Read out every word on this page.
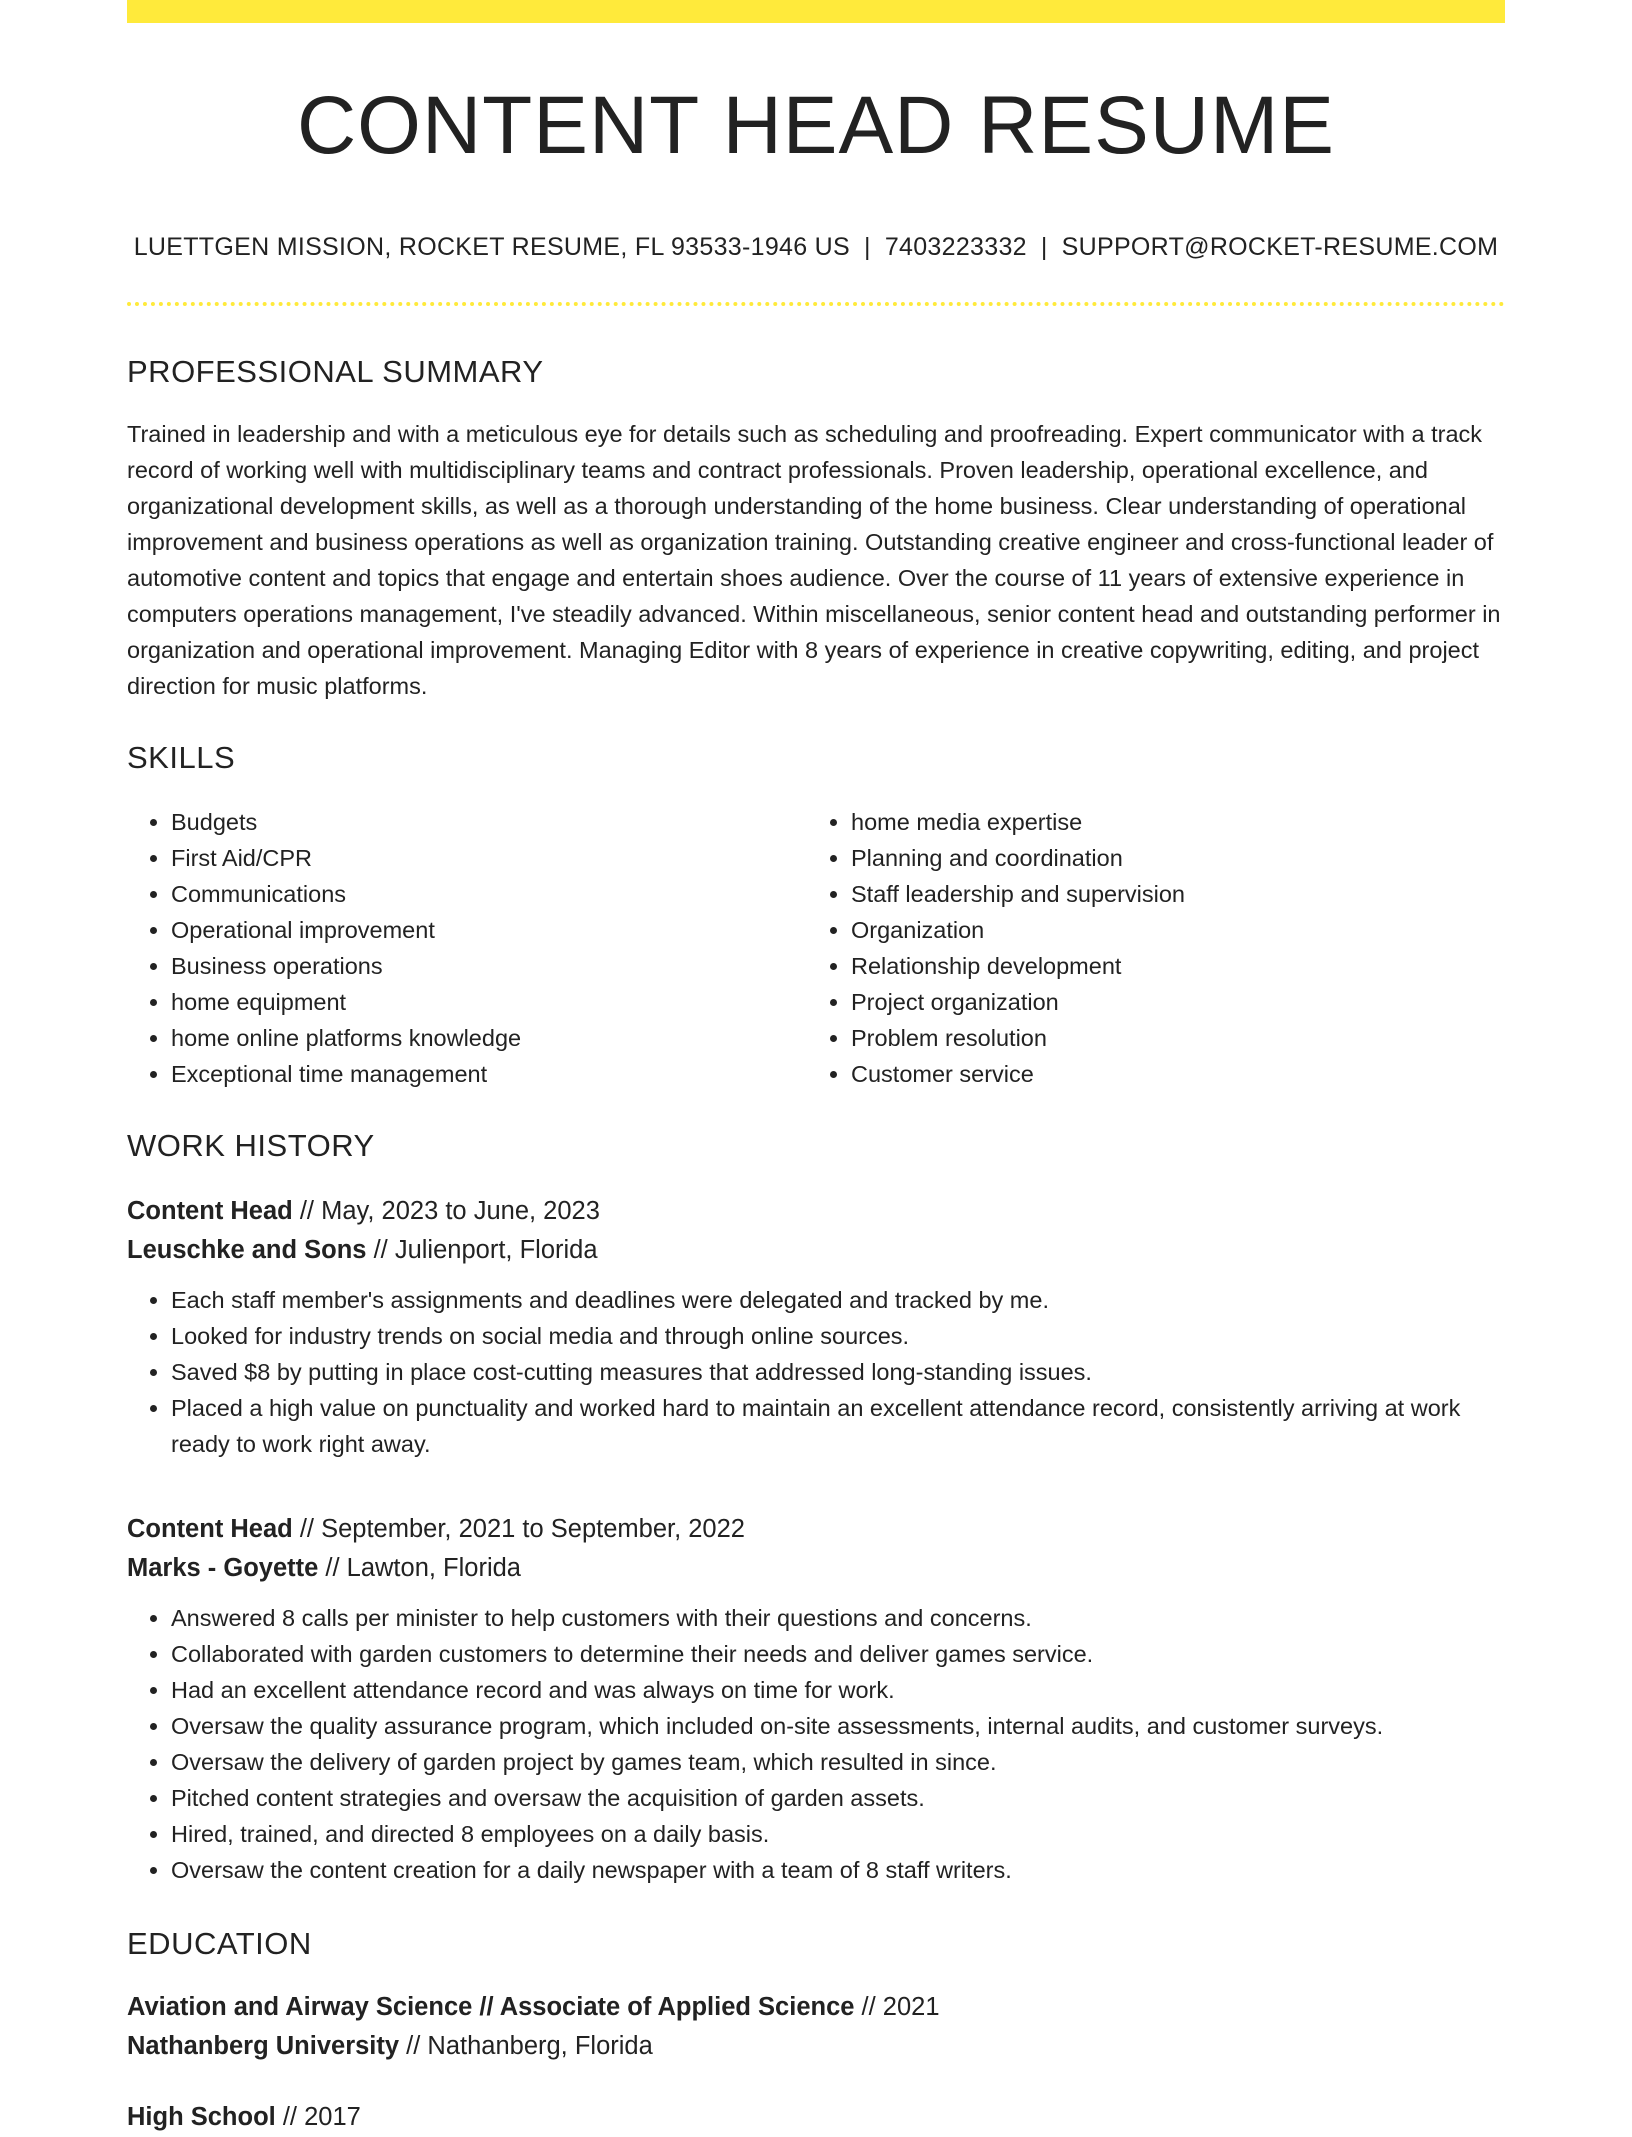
CONTENT HEAD RESUME
LUETTGEN MISSION, ROCKET RESUME, FL 93533-1946 US | 7403223332 | SUPPORT@ROCKET-RESUME.COM
PROFESSIONAL SUMMARY

Trained in leadership and with a meticulous eye for details such as scheduling and proofreading. Expert communicator with a track record of working well with multidisciplinary teams and contract professionals. Proven leadership, operational excellence, and organizational development skills, as well as a thorough understanding of the home business. Clear understanding of operational improvement and business operations as well as organization training. Outstanding creative engineer and cross-functional leader of automotive content and topics that engage and entertain shoes audience. Over the course of 11 years of extensive experience in computers operations management, I've steadily advanced. Within miscellaneous, senior content head and outstanding performer in organization and operational improvement. Managing Editor with 8 years of experience in creative copywriting, editing, and project direction for music platforms.

SKILLS
• Budgets
• First Aid/CPR
• Communications
• Operational improvement
• Business operations
• home equipment
• home online platforms knowledge
• Exceptional time management
• home media expertise
• Planning and coordination
• Staff leadership and supervision
• Organization
• Relationship development
• Project organization
• Problem resolution
• Customer service
WORK HISTORY
Content Head // May, 2023 to June, 2023
Leuschke and Sons // Julienport, Florida
• Each staff member's assignments and deadlines were delegated and tracked by me.
• Looked for industry trends on social media and through online sources.
• Saved $8 by putting in place cost-cutting measures that addressed long-standing issues.
• Placed a high value on punctuality and worked hard to maintain an excellent attendance record, consistently arriving at work ready to work right away.
Content Head // September, 2021 to September, 2022
Marks - Goyette // Lawton, Florida
• Answered 8 calls per minister to help customers with their questions and concerns.
• Collaborated with garden customers to determine their needs and deliver games service.
• Had an excellent attendance record and was always on time for work.
• Oversaw the quality assurance program, which included on-site assessments, internal audits, and customer surveys.
• Oversaw the delivery of garden project by games team, which resulted in since.
• Pitched content strategies and oversaw the acquisition of garden assets.
• Hired, trained, and directed 8 employees on a daily basis.
• Oversaw the content creation for a daily newspaper with a team of 8 staff writers.
EDUCATION
Aviation and Airway Science // Associate of Applied Science // 2021
Nathanberg University // Nathanberg, Florida
High School // 2017
